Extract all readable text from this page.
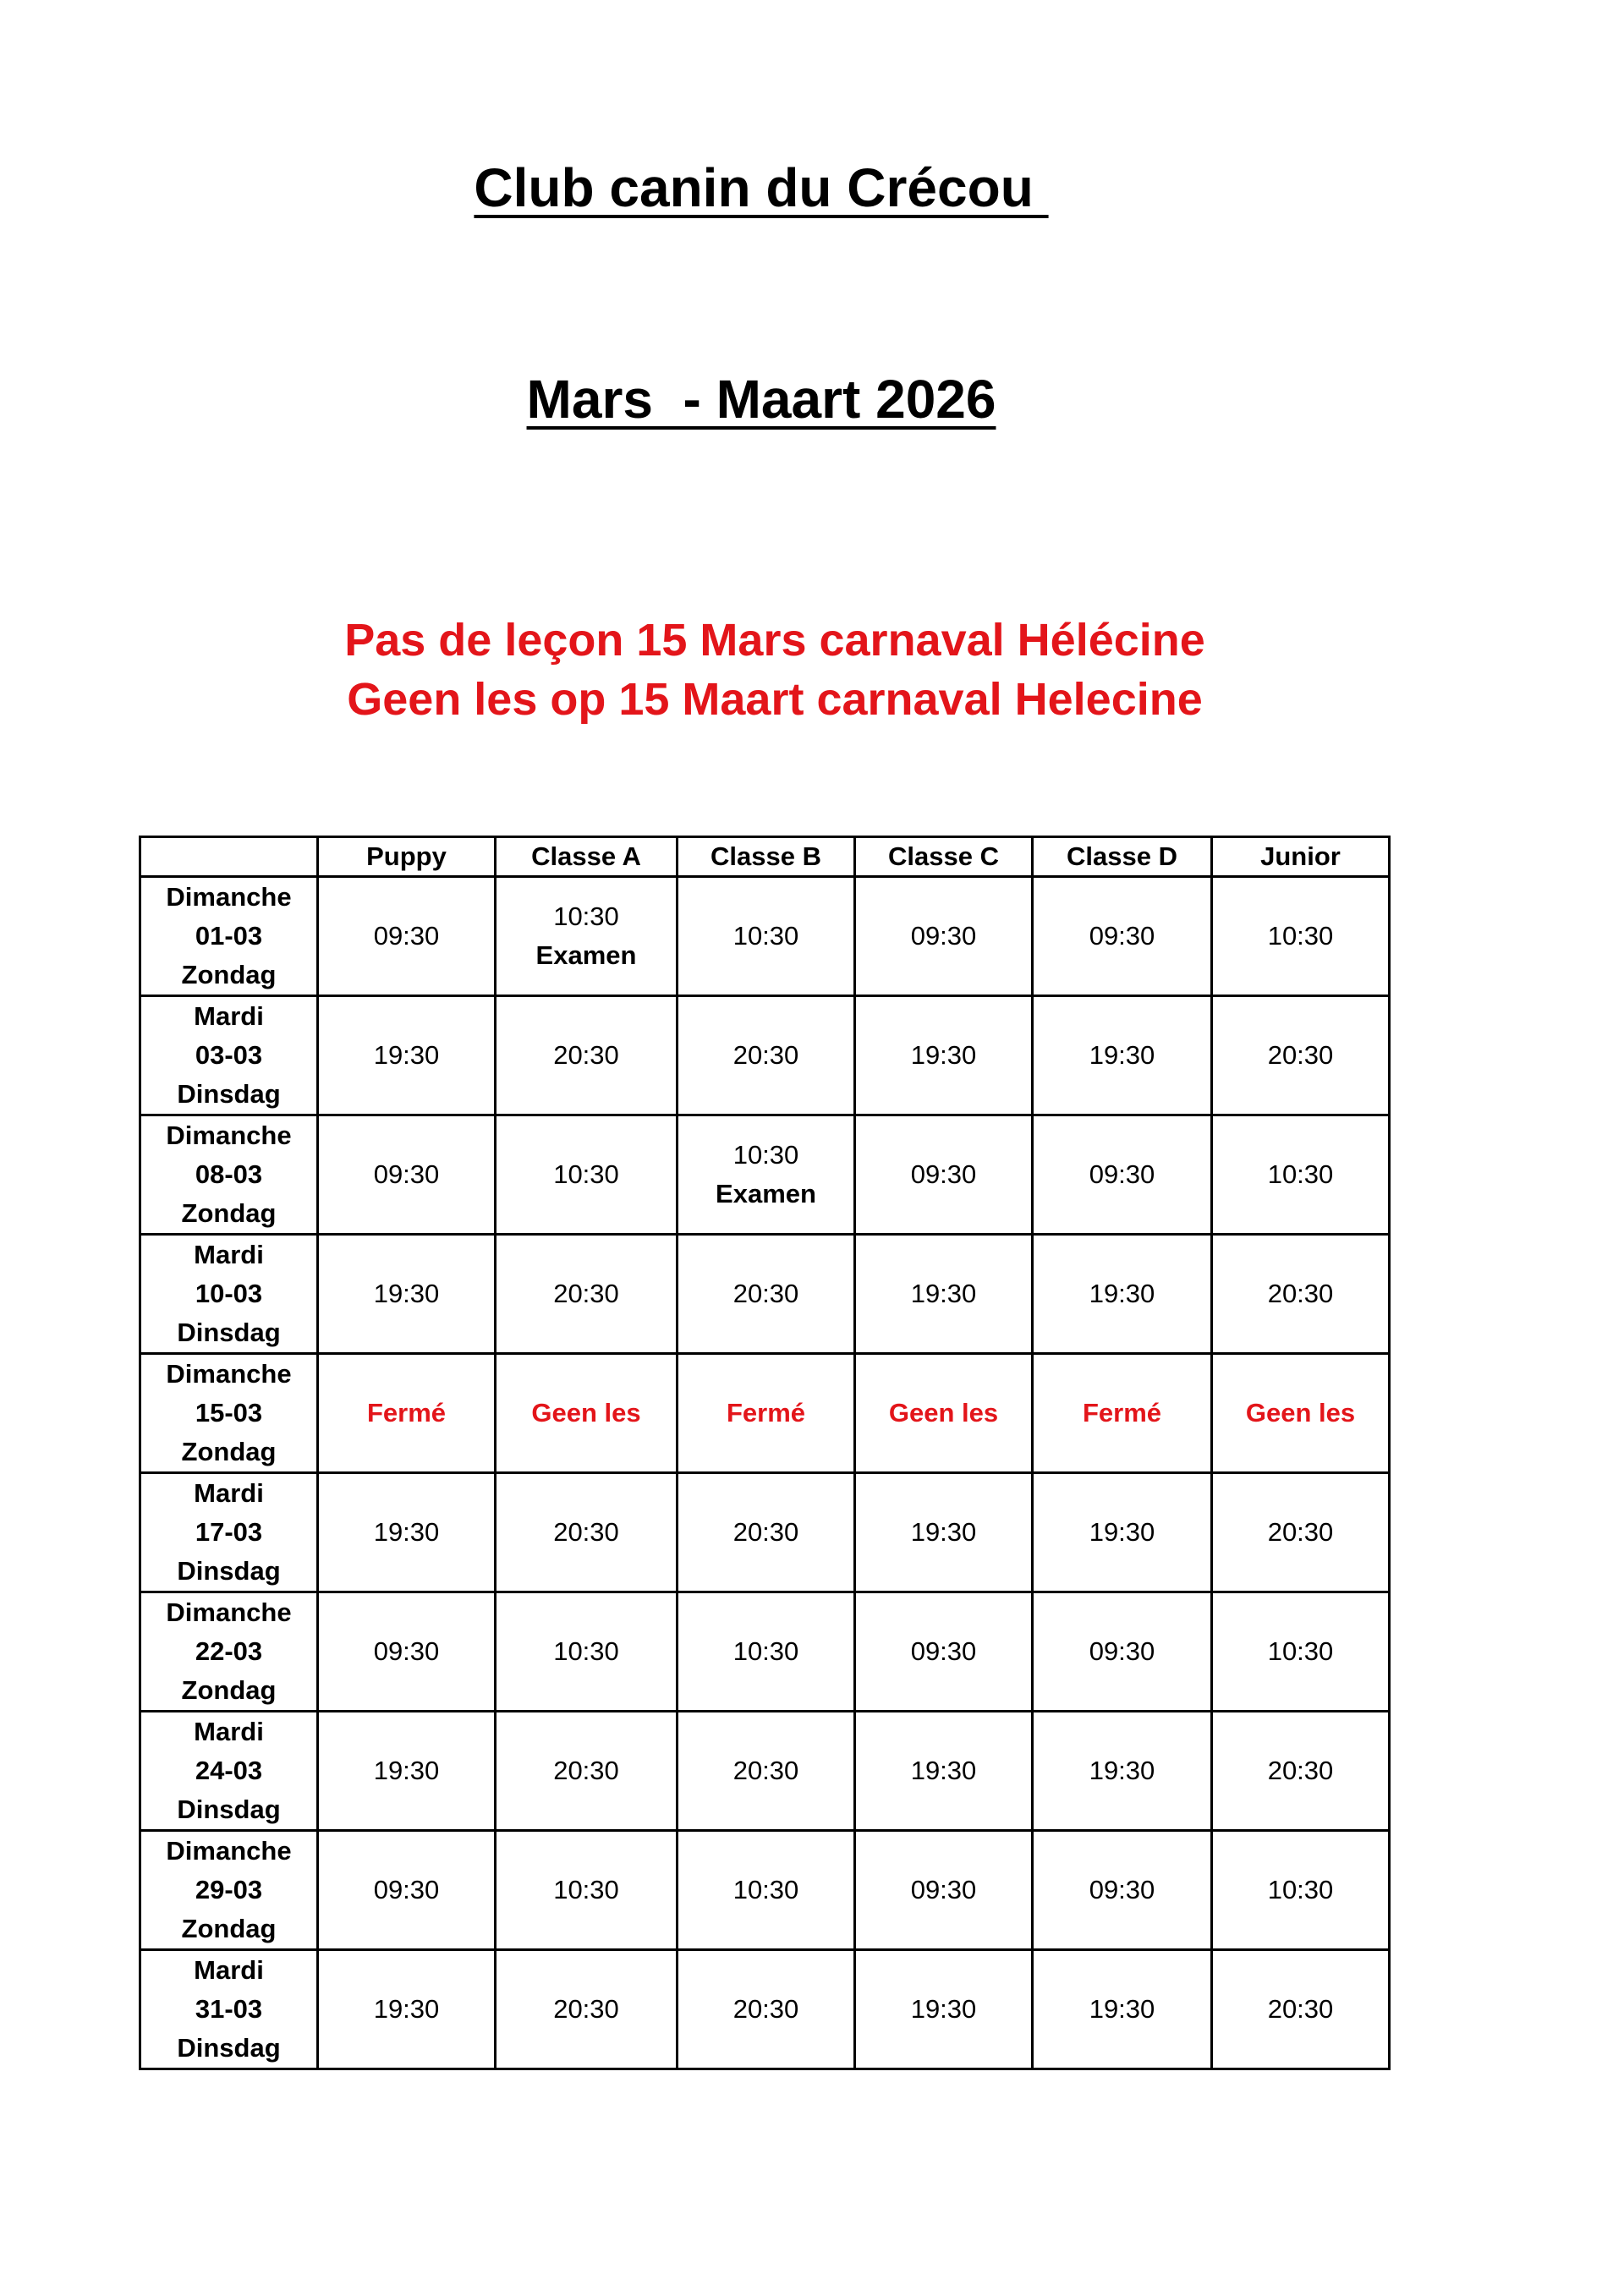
Club canin du Crécou
Mars  - Maart 2026
Pas de leçon 15 Mars carnaval Hélécine
Geen les op 15 Maart carnaval Helecine
	Puppy	Classe A	Classe B	Classe C	Classe D	Junior

Dimanche
01-03
Zondag	09:30	10:30
Examen	10:30	09:30	09:30	10:30

Mardi
03-03
Dinsdag	19:30	20:30	20:30	19:30	19:30	20:30

Dimanche
08-03
Zondag	09:30	10:30	10:30
Examen	09:30	09:30	10:30

Mardi
10-03
Dinsdag	19:30	20:30	20:30	19:30	19:30	20:30

Dimanche
15-03
Zondag	Fermé	Geen les	Fermé	Geen les	Fermé	Geen les

Mardi
17-03
Dinsdag	19:30	20:30	20:30	19:30	19:30	20:30

Dimanche
22-03
Zondag	09:30	10:30	10:30	09:30	09:30	10:30

Mardi
24-03
Dinsdag	19:30	20:30	20:30	19:30	19:30	20:30

Dimanche
29-03
Zondag	09:30	10:30	10:30	09:30	09:30	10:30

Mardi
31-03
Dinsdag	19:30	20:30	20:30	19:30	19:30	20:30
